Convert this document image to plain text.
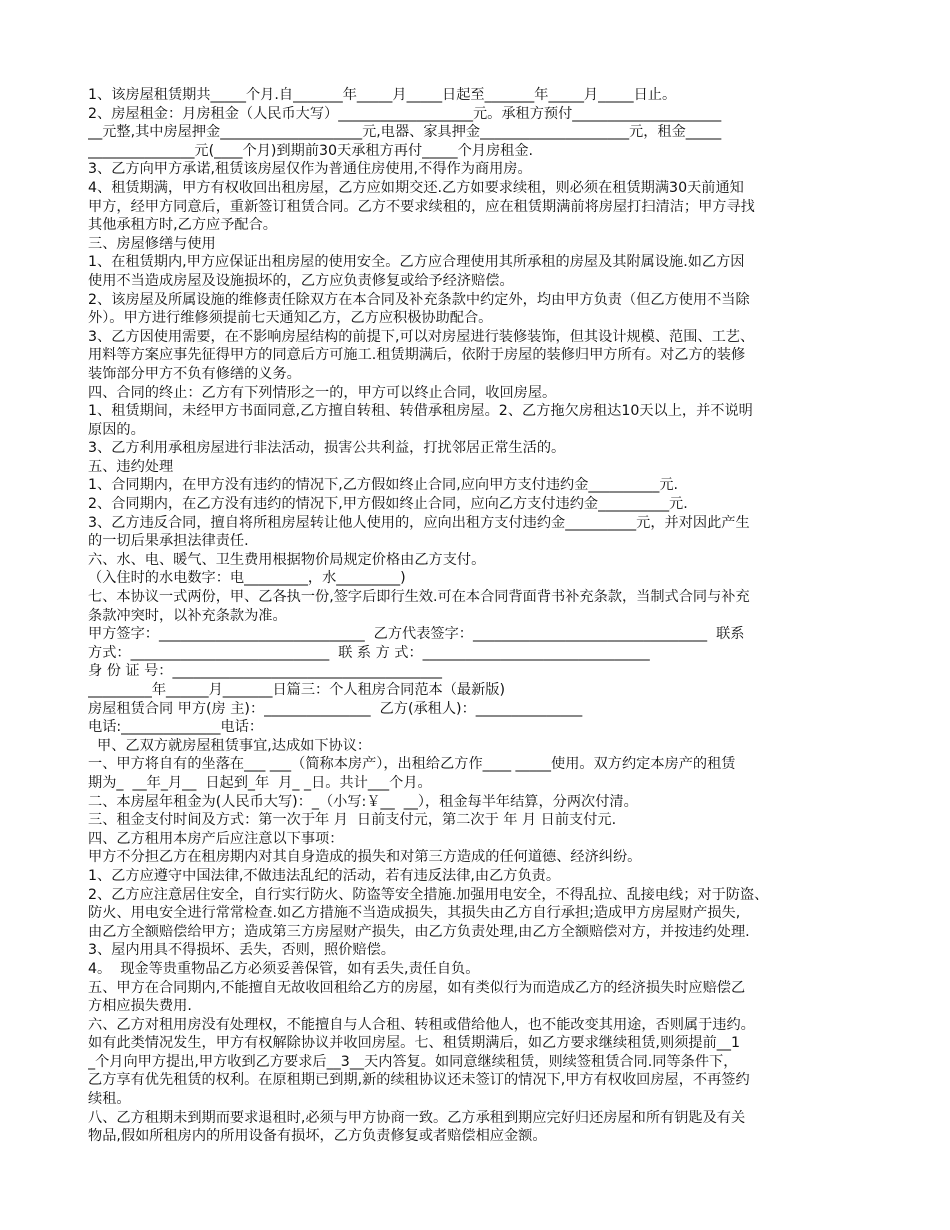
1、该房屋租赁期共_____个月.自_______年_____月_____日起至_______年_____月_____日止。
2、房屋租金：月房租金（人民币大写）___________________元。承租方预付_____________________
__元整,其中房屋押金____________________元,电器、家具押金_____________________元，租金_____
_______________元(____个月)到期前30天承租方再付_____个月房租金.
3、乙方向甲方承诺,租赁该房屋仅作为普通住房使用,不得作为商用房。
4、租赁期满，甲方有权收回出租房屋，乙方应如期交还.乙方如要求续租，则必须在租赁期满30天前通知
甲方，经甲方同意后，重新签订租赁合同。乙方不要求续租的，应在租赁期满前将房屋打扫清洁；甲方寻找
其他承租方时,乙方应予配合。
三、房屋修缮与使用
1、在租赁期内,甲方应保证出租房屋的使用安全。乙方应合理使用其所承租的房屋及其附属设施.如乙方因
使用不当造成房屋及设施损坏的，乙方应负责修复或给予经济赔偿。
2、该房屋及所属设施的维修责任除双方在本合同及补充条款中约定外，均由甲方负责（但乙方使用不当除
外）。甲方进行维修须提前七天通知乙方，乙方应积极协助配合。
3、乙方因使用需要，在不影响房屋结构的前提下,可以对房屋进行装修装饰，但其设计规模、范围、工艺、
用料等方案应事先征得甲方的同意后方可施工.租赁期满后，依附于房屋的装修归甲方所有。对乙方的装修
装饰部分甲方不负有修缮的义务。
四、合同的终止：乙方有下列情形之一的，甲方可以终止合同，收回房屋。
1、租赁期间，未经甲方书面同意,乙方擅自转租、转借承租房屋。2、乙方拖欠房租达10天以上，并不说明
原因的。
3、乙方利用承租房屋进行非法活动，损害公共利益，打扰邻居正常生活的。
五、违约处理
1、合同期内，在甲方没有违约的情况下,乙方假如终止合同,应向甲方支付违约金__________元.
2、合同期内，在乙方没有违约的情况下,甲方假如终止合同，应向乙方支付违约金__________元.
3、乙方违反合同，擅自将所租房屋转让他人使用的，应向出租方支付违约金__________元，并对因此产生
的一切后果承担法律责任.
六、水、电、暖气、卫生费用根据物价局规定价格由乙方支付。
（入住时的水电数字：电_________，水_________)
七、本协议一式两份，甲、乙各执一份,签字后即行生效.可在本合同背面背书补充条款，当制式合同与补充
条款冲突时，以补充条款为准。
甲方签字：_____________________________  乙方代表签字：_________________________________  联系
方式：____________________________  联 系 方 式：________________________________
身 份 证 号：______________________________________
_________年______月_______日篇三：个人租房合同范本（最新版)
房屋租赁合同 甲方(房 主)：_______________  乙方(承租人)：_______________
电话:______________电话：
甲、乙双方就房屋租赁事宜,达成如下协议：
一、甲方将自有的坐落在___ ___（简称本房产），出租给乙方作____ _____使用。双方约定本房产的租赁
期为_  __年_月__  日起到_年  月_ _日。共计___个月。
二、本房屋年租金为(人民币大写)：_（小写:￥__  __），租金每半年结算，分两次付清。
三、租金支付时间及方式：第一次于年 月  日前支付元，第二次于 年 月 日前支付元.
四、乙方租用本房产后应注意以下事项：
甲方不分担乙方在租房期内对其自身造成的损失和对第三方造成的任何道德、经济纠纷。
1、乙方应遵守中国法律,不做违法乱纪的活动，若有违反法律,由乙方负责。
2、乙方应注意居住安全，自行实行防火、防盗等安全措施.加强用电安全，不得乱拉、乱接电线；对于防盗、
防火、用电安全进行常常检查.如乙方措施不当造成损失，其损失由乙方自行承担;造成甲方房屋财产损失,
由乙方全额赔偿给甲方；造成第三方房屋财产损失，由乙方负责处理,由乙方全额赔偿对方，并按违约处理.
3、屋内用具不得损坏、丢失，否则，照价赔偿。
4。  现金等贵重物品乙方必须妥善保管，如有丢失,责任自负。
五、甲方在合同期内,不能擅自无故收回租给乙方的房屋，如有类似行为而造成乙方的经济损失时应赔偿乙
方相应损失费用.
六、乙方对租用房没有处理权，不能擅自与人合租、转租或借给他人，也不能改变其用途，否则属于违约。
如有此类情况发生，甲方有权解除协议并收回房屋。七、租赁期满后，如乙方要求继续租赁,则须提前__1
_个月向甲方提出,甲方收到乙方要求后__3__天内答复。如同意继续租赁，则续签租赁合同.同等条件下，
乙方享有优先租赁的权利。在原租期已到期,新的续租协议还未签订的情况下,甲方有权收回房屋，不再签约
续租。
八、乙方租期未到期而要求退租时,必须与甲方协商一致。乙方承租到期应完好归还房屋和所有钥匙及有关
物品,假如所租房内的所用设备有损坏，乙方负责修复或者赔偿相应金额。
